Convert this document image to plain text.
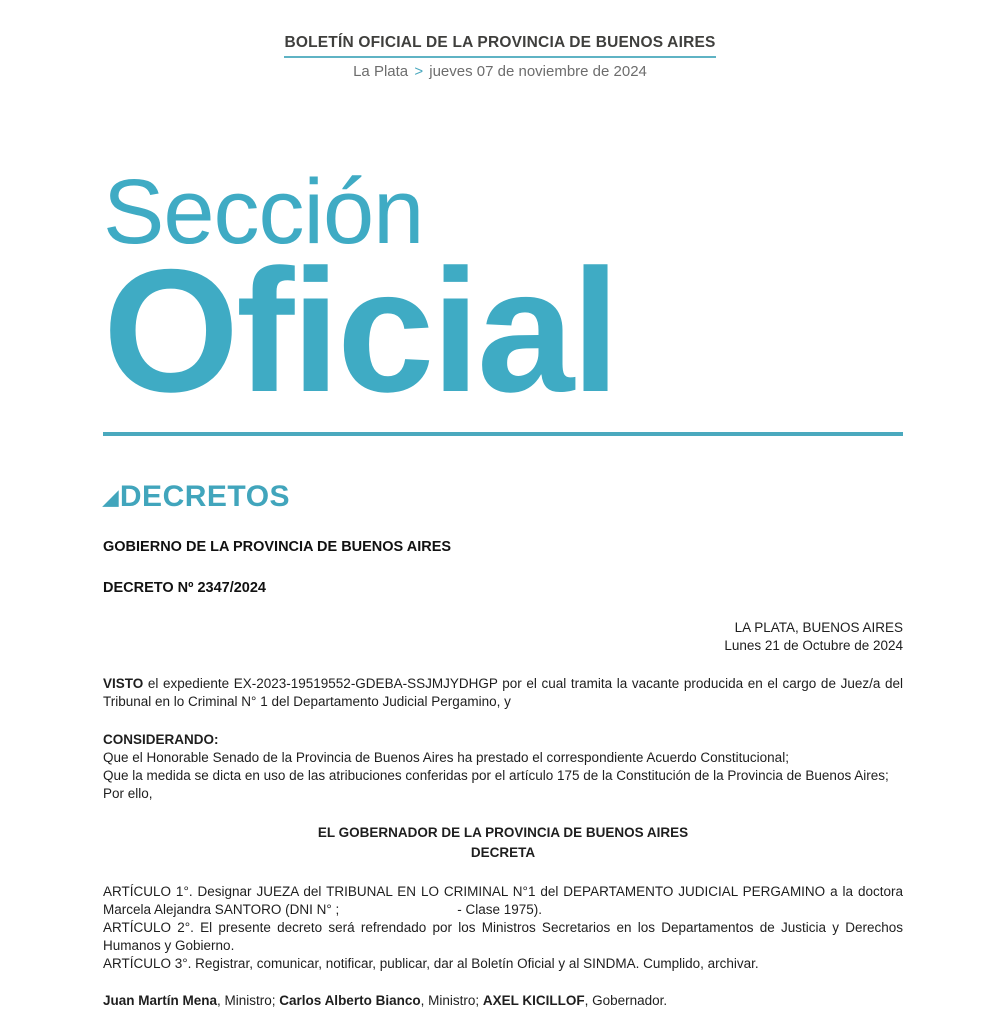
BOLETÍN OFICIAL DE LA PROVINCIA DE BUENOS AIRES
La Plata > jueves 07 de noviembre de 2024
Sección
Oficial
◢DECRETOS
GOBIERNO DE LA PROVINCIA DE BUENOS AIRES
DECRETO Nº 2347/2024
LA PLATA, BUENOS AIRES
Lunes 21 de Octubre de 2024

VISTO el expediente EX-2023-19519552-GDEBA-SSJMJYDHGP por el cual tramita la vacante producida en el cargo de Juez/a del Tribunal en lo Criminal N° 1 del Departamento Judicial Pergamino, y

CONSIDERANDO:

Que el Honorable Senado de la Provincia de Buenos Aires ha prestado el correspondiente Acuerdo Constitucional;

Que la medida se dicta en uso de las atribuciones conferidas por el artículo 175 de la Constitución de la Provincia de Buenos Aires;

Por ello,

EL GOBERNADOR DE LA PROVINCIA DE BUENOS AIRES
DECRETA

ARTÍCULO 1°. Designar JUEZA del TRIBUNAL EN LO CRIMINAL N°1 del DEPARTAMENTO JUDICIAL PERGAMINO a la doctora Marcela Alejandra SANTORO (DNI N° ;	- Clase 1975).

ARTÍCULO 2°. El presente decreto será refrendado por los Ministros Secretarios en los Departamentos de Justicia y Derechos Humanos y Gobierno.

ARTÍCULO 3°. Registrar, comunicar, notificar, publicar, dar al Boletín Oficial y al SINDMA. Cumplido, archivar.

Juan Martín Mena, Ministro; Carlos Alberto Bianco, Ministro; AXEL KICILLOF, Gobernador.
